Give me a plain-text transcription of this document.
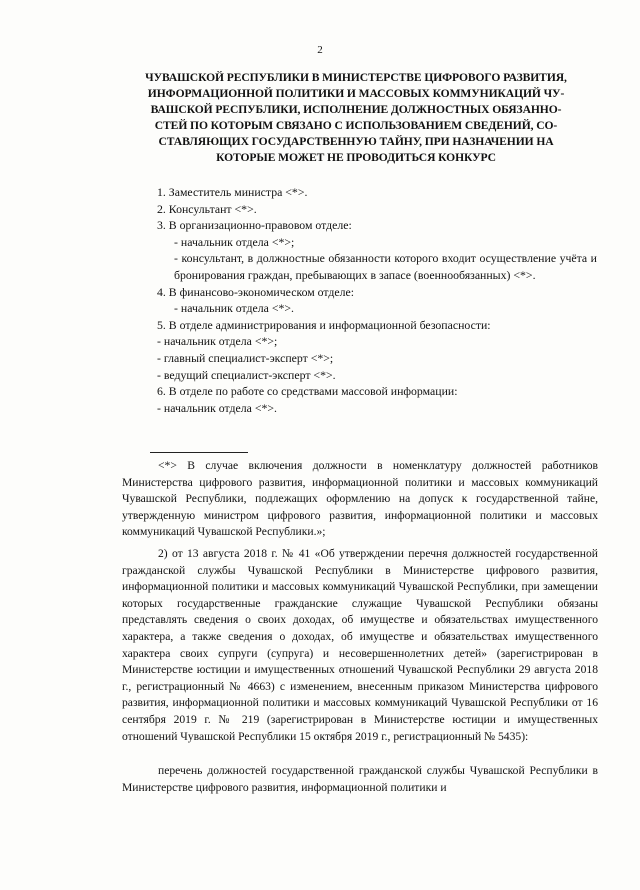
2
ЧУВАШСКОЙ РЕСПУБЛИКИ В МИНИСТЕРСТВЕ ЦИФРОВОГО РАЗВИТИЯ,
ИНФОРМАЦИОННОЙ ПОЛИТИКИ И МАССОВЫХ КОММУНИКАЦИЙ ЧУ-
ВАШСКОЙ РЕСПУБЛИКИ, ИСПОЛНЕНИЕ ДОЛЖНОСТНЫХ ОБЯЗАННО-
СТЕЙ ПО КОТОРЫМ СВЯЗАНО С ИСПОЛЬЗОВАНИЕМ СВЕДЕНИЙ, СО-
СТАВЛЯЮЩИХ ГОСУДАРСТВЕННУЮ ТАЙНУ, ПРИ НАЗНАЧЕНИИ НА
КОТОРЫЕ МОЖЕТ НЕ ПРОВОДИТЬСЯ КОНКУРС
1. Заместитель министра <*>.
2. Консультант <*>.
3. В организационно-правовом отделе:
- начальник отдела <*>;
- консультант, в должностные обязанности которого входит осуществление учёта и бронирования граждан, пребывающих в запасе (военнообязанных) <*>.
4. В финансово-экономическом отделе:
- начальник отдела <*>.
5. В отделе администрирования и информационной безопасности:
- начальник отдела <*>;
- главный специалист-эксперт <*>;
- ведущий специалист-эксперт <*>.
6. В отделе по работе со средствами массовой информации:
- начальник отдела <*>.
<*> В случае включения должности в номенклатуру должностей работников Министерства цифрового развития, информационной политики и массовых коммуникаций Чувашской Республики, подлежащих оформлению на допуск к государственной тайне, утвержденную министром цифрового развития, информационной политики и массовых коммуникаций Чувашской Республики.»;
2) от 13 августа 2018 г. № 41 «Об утверждении перечня должностей государственной гражданской службы Чувашской Республики в Министерстве цифрового развития, информационной политики и массовых коммуникаций Чувашской Республики, при замещении которых государственные гражданские служащие Чувашской Республики обязаны представлять сведения о своих доходах, об имуществе и обязательствах имущественного характера, а также сведения о доходах, об имуществе и обязательствах имущественного характера своих супруги (супруга) и несовершеннолетних детей» (зарегистрирован в Министерстве юстиции и имущественных отношений Чувашской Республики 29 августа 2018 г., регистрационный № 4663) с изменением, внесенным приказом Министерства цифрового развития, информационной политики и массовых коммуникаций Чувашской Республики от 16 сентября 2019 г. № 219 (зарегистрирован в Министерстве юстиции и имущественных отношений Чувашской Республики 15 октября 2019 г., регистрационный № 5435):
перечень должностей государственной гражданской службы Чувашской Республики в Министерстве цифрового развития, информационной политики и
